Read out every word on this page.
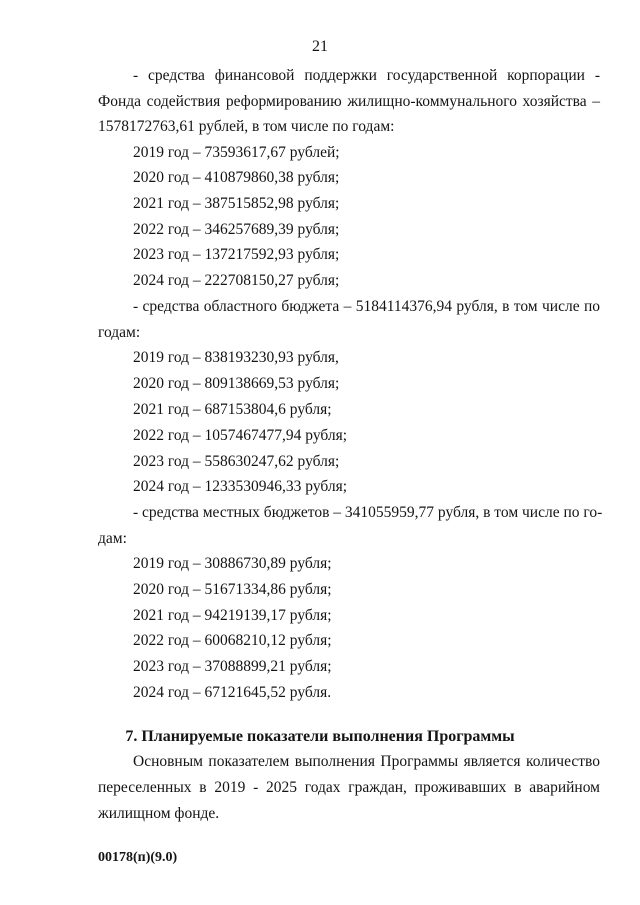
21
- средства финансовой поддержки государственной корпорации -
Фонда содействия реформированию жилищно-коммунального хозяйства –
1578172763,61 рублей, в том числе по годам:
2019 год – 73593617,67 рублей;
2020 год – 410879860,38 рубля;
2021 год – 387515852,98 рубля;
2022 год – 346257689,39 рубля;
2023 год – 137217592,93 рубля;
2024 год – 222708150,27 рубля;
- средства областного бюджета – 5184114376,94 рубля, в том числе по
годам:
2019 год – 838193230,93 рубля,
2020 год – 809138669,53 рубля;
2021 год – 687153804,6 рубля;
2022 год – 1057467477,94 рубля;
2023 год – 558630247,62 рубля;
2024 год – 1233530946,33 рубля;
- средства местных бюджетов – 341055959,77 рубля, в том числе по го-
дам:
2019 год – 30886730,89 рубля;
2020 год – 51671334,86 рубля;
2021 год – 94219139,17 рубля;
2022 год – 60068210,12 рубля;
2023 год – 37088899,21 рубля;
2024 год – 67121645,52 рубля.
7. Планируемые показатели выполнения Программы
Основным показателем выполнения Программы является количество
переселенных в 2019 - 2025 годах граждан, проживавших в аварийном
жилищном фонде.
00178(п)(9.0)
